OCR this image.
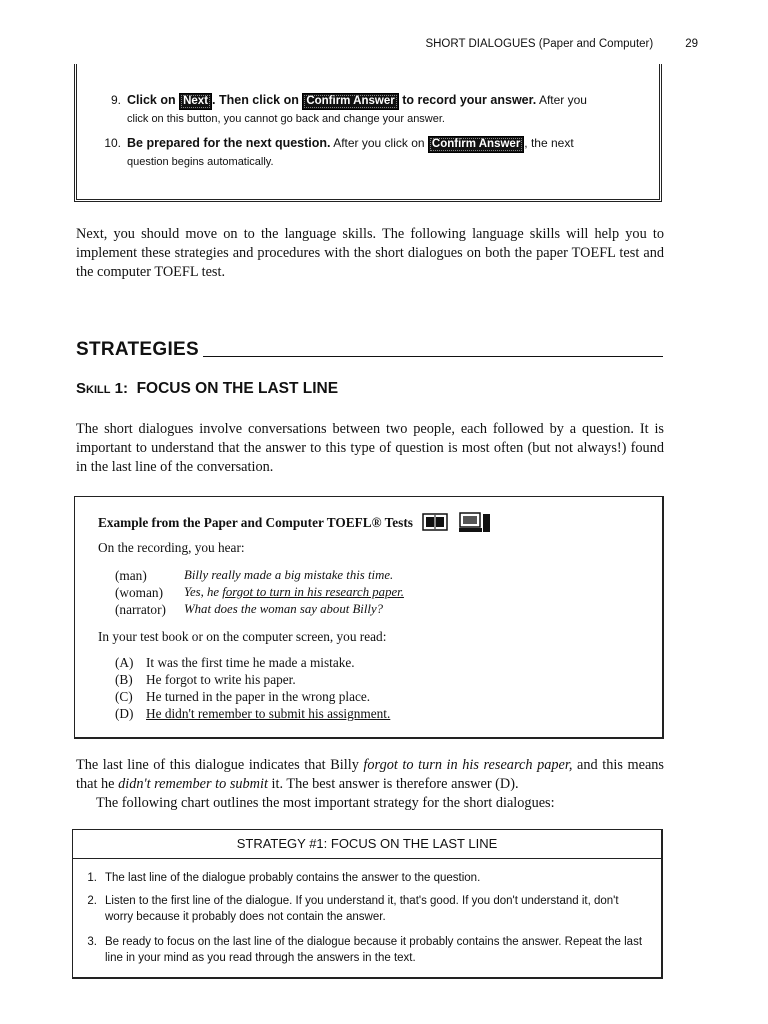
SHORT DIALOGUES (Paper and Computer)	29
9. Click on Next . Then click on Confirm Answer to record your answer. After you
click on this button, you cannot go back and change your answer.
10. Be prepared for the next question. After you click on Confirm Answer , the next
question begins automatically.
Next, you should move on to the language skills. The following language skills will help you to implement these strategies and procedures with the short dialogues on both the paper TOEFL test and the computer TOEFL test.
STRATEGIES
Skill 1: FOCUS ON THE LAST LINE
The short dialogues involve conversations between two people, each followed by a question. It is important to understand that the answer to this type of question is most often (but not always!) found in the last line of the conversation.
Example from the Paper and Computer TOEFL® Tests
On the recording, you hear:
(man)	Billy really made a big mistake this time.
(woman) Yes, he forgot to turn in his research paper.
(narrator) What does the woman say about Billy?
In your test book or on the computer screen, you read:
(A) It was the first time he made a mistake.
(B) He forgot to write his paper.
(C) He turned in the paper in the wrong place.
(D) He didn't remember to submit his assignment.
The last line of this dialogue indicates that Billy forgot to turn in his research paper, and this means that he didn't remember to submit it. The best answer is therefore answer (D).
The following chart outlines the most important strategy for the short dialogues:
STRATEGY #1: FOCUS ON THE LAST LINE
1. The last line of the dialogue probably contains the answer to the question.
2. Listen to the first line of the dialogue. If you understand it, that's good. If you don't understand it, don't worry because it probably does not contain the answer.
3. Be ready to focus on the last line of the dialogue because it probably contains the answer. Repeat the last line in your mind as you read through the answers in the text.
